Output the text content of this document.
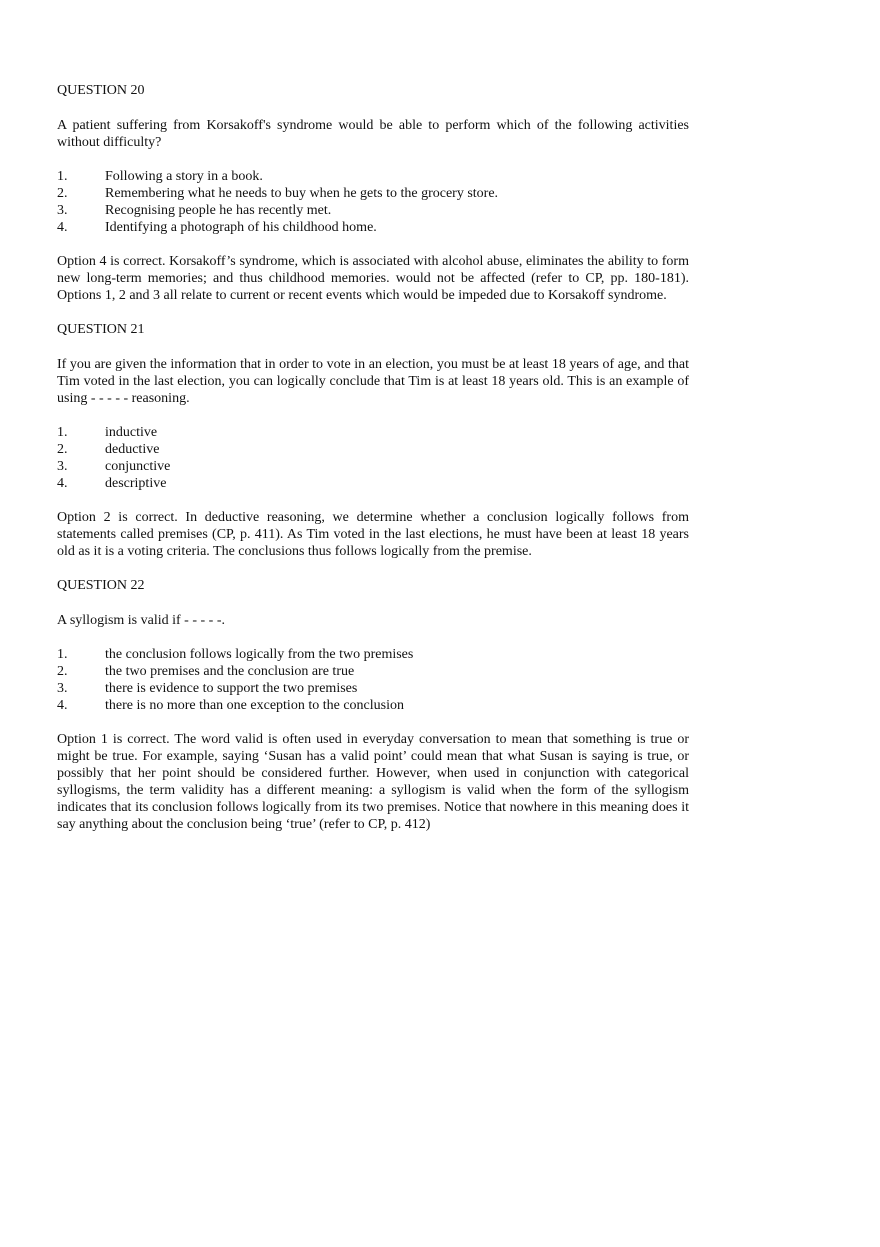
QUESTION 20

A patient suffering from Korsakoff's syndrome would be able to perform which of the following activities without difficulty?

1.	Following a story in a book.
2.	Remembering what he needs to buy when he gets to the grocery store.
3.	Recognising people he has recently met.
4.	Identifying a photograph of his childhood home.

Option 4 is correct. Korsakoff’s syndrome, which is associated with alcohol abuse, eliminates the ability to form new long-term memories; and thus childhood memories. would not be affected (refer to CP, pp. 180-181). Options 1, 2 and 3 all relate to current or recent events which would be impeded due to Korsakoff syndrome.

QUESTION 21

If you are given the information that in order to vote in an election, you must be at least 18 years of age, and that Tim voted in the last election, you can logically conclude that Tim is at least 18 years old. This is an example of using - - - - - reasoning.

1.	inductive
2.	deductive
3.	conjunctive
4.	descriptive

Option 2 is correct. In deductive reasoning, we determine whether a conclusion logically follows from statements called premises (CP, p. 411). As Tim voted in the last elections, he must have been at least 18 years old as it is a voting criteria. The conclusions thus follows logically from the premise.

QUESTION 22

A syllogism is valid if - - - - -.

1.	the conclusion follows logically from the two premises
2.	the two premises and the conclusion are true
3.	there is evidence to support the two premises
4.	there is no more than one exception to the conclusion

Option 1 is correct. The word valid is often used in everyday conversation to mean that something is true or might be true. For example, saying ‘Susan has a valid point’ could mean that what Susan is saying is true, or possibly that her point should be considered further. However, when used in conjunction with categorical syllogisms, the term validity has a different meaning: a syllogism is valid when the form of the syllogism indicates that its conclusion follows logically from its two premises. Notice that nowhere in this meaning does it say anything about the conclusion being ‘true’ (refer to CP, p. 412)
